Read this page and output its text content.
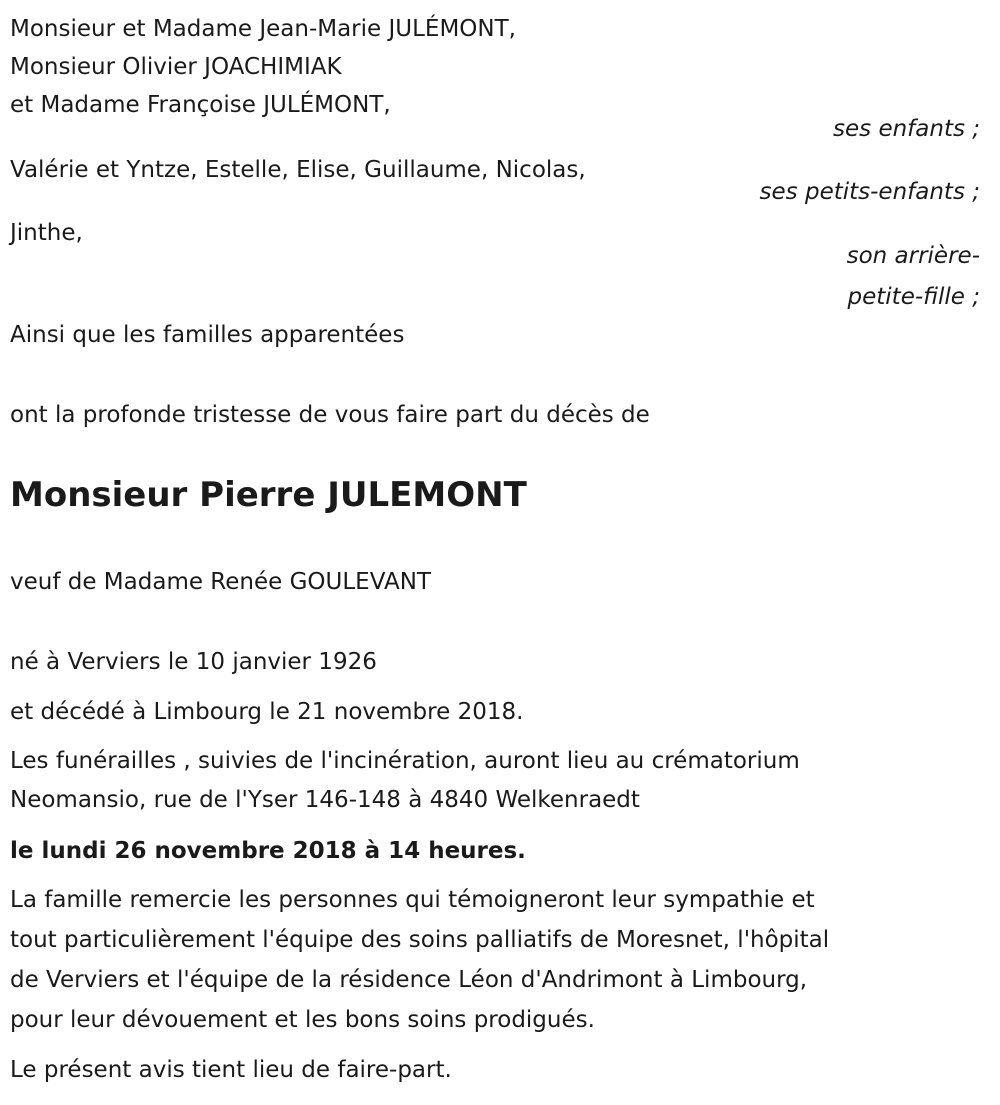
Monsieur et Madame Jean-Marie JULÉMONT,
Monsieur Olivier JOACHIMIAK
et Madame Françoise JULÉMONT,
ses enfants ;
Valérie et Yntze, Estelle, Elise, Guillaume, Nicolas,
ses petits-enfants ;
Jinthe,
son arrière-
petite-fille ;
Ainsi que les familles apparentées
ont la profonde tristesse de vous faire part du décès de
Monsieur Pierre JULEMONT
veuf de Madame Renée GOULEVANT
né à Verviers le 10 janvier 1926
et décédé à Limbourg le 21 novembre 2018.
Les funérailles , suivies de l'incinération, auront lieu au crématorium
Neomansio, rue de l'Yser 146-148 à 4840 Welkenraedt
le lundi 26 novembre 2018 à 14 heures.
La famille remercie les personnes qui témoigneront leur sympathie et
tout particulièrement l'équipe des soins palliatifs de Moresnet, l'hôpital
de Verviers et l'équipe de la résidence Léon d'Andrimont à Limbourg,
pour leur dévouement et les bons soins prodigués.
Le présent avis tient lieu de faire-part.
